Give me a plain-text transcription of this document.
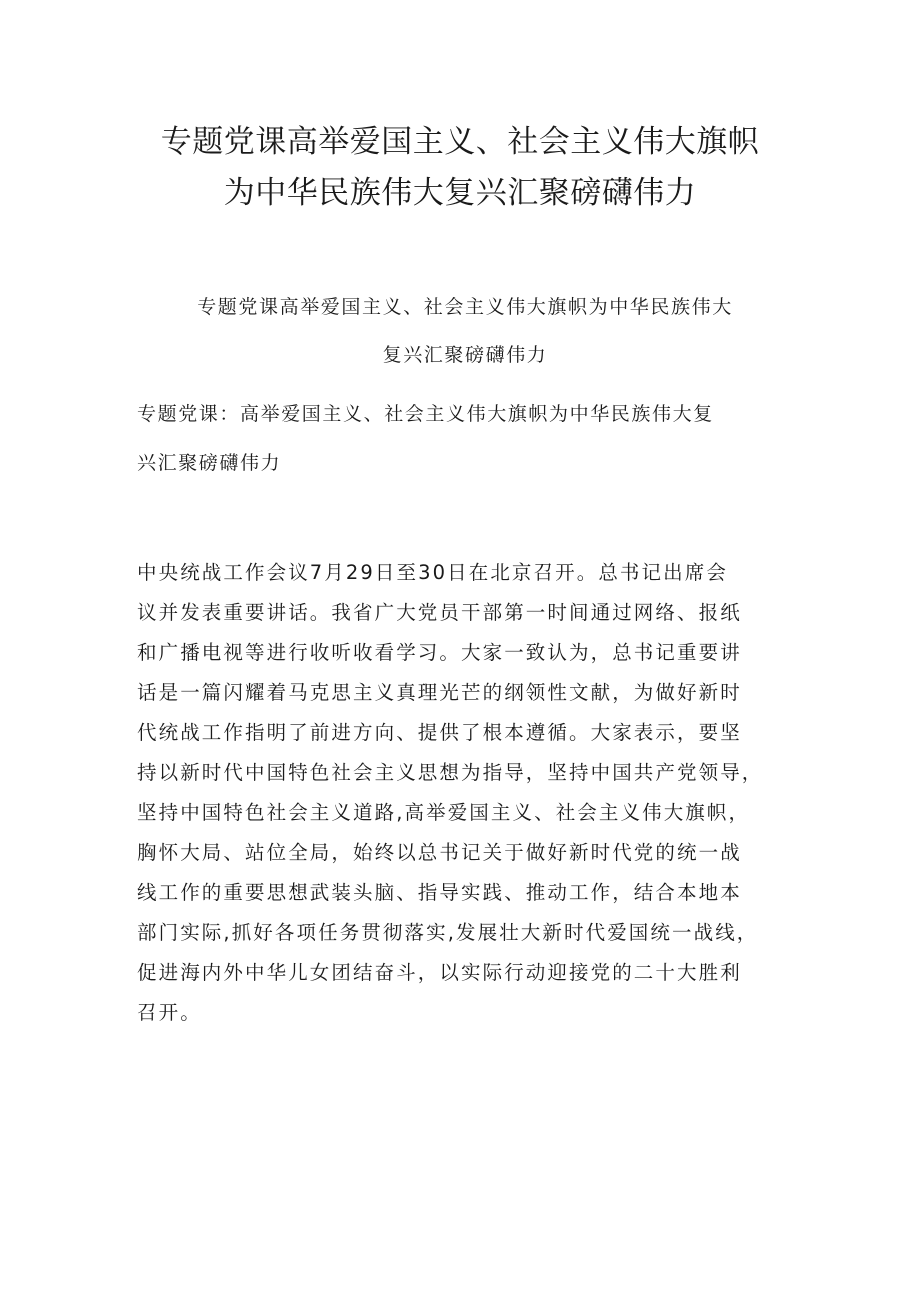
专题党课高举爱国主义、社会主义伟大旗帜
为中华民族伟大复兴汇聚磅礴伟力
专题党课高举爱国主义、社会主义伟大旗帜为中华民族伟大
复兴汇聚磅礴伟力
专题党课：高举爱国主义、社会主义伟大旗帜为中华民族伟大复
兴汇聚磅礴伟力

中央统战工作会议7月29日至30日在北京召开。总书记出席会
议并发表重要讲话。我省广大党员干部第一时间通过网络、报纸
和广播电视等进行收听收看学习。大家一致认为，总书记重要讲
话是一篇闪耀着马克思主义真理光芒的纲领性文献，为做好新时
代统战工作指明了前进方向、提供了根本遵循。大家表示，要坚
持以新时代中国特色社会主义思想为指导，坚持中国共产党领导，
坚持中国特色社会主义道路,高举爱国主义、社会主义伟大旗帜，
胸怀大局、站位全局，始终以总书记关于做好新时代党的统一战
线工作的重要思想武装头脑、指导实践、推动工作，结合本地本
部门实际,抓好各项任务贯彻落实,发展壮大新时代爱国统一战线，
促进海内外中华儿女团结奋斗，以实际行动迎接党的二十大胜利
召开。
